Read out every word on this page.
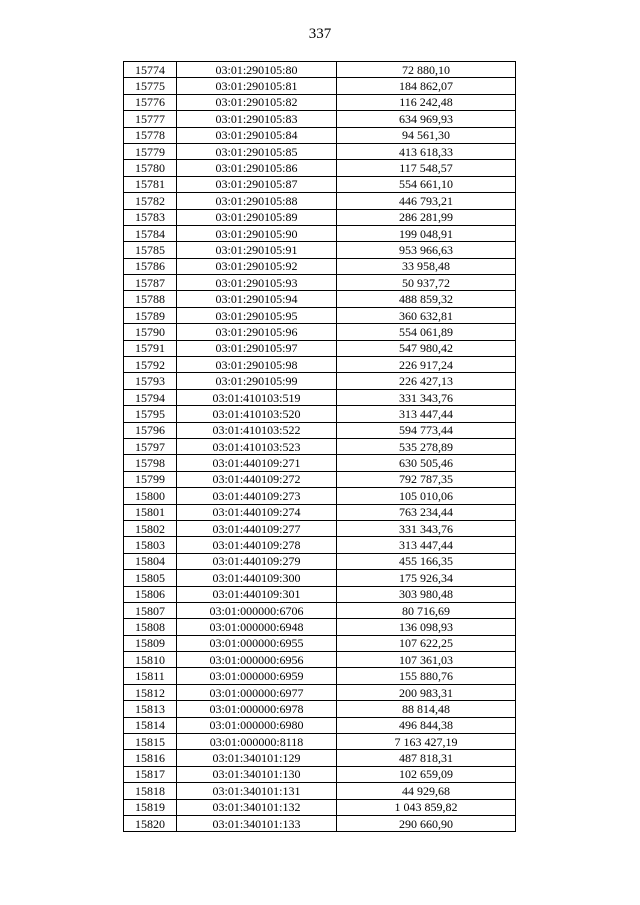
337
15774	03:01:290105:80	72 880,10
15775	03:01:290105:81	184 862,07
15776	03:01:290105:82	116 242,48
15777	03:01:290105:83	634 969,93
15778	03:01:290105:84	94 561,30
15779	03:01:290105:85	413 618,33
15780	03:01:290105:86	117 548,57
15781	03:01:290105:87	554 661,10
15782	03:01:290105:88	446 793,21
15783	03:01:290105:89	286 281,99
15784	03:01:290105:90	199 048,91
15785	03:01:290105:91	953 966,63
15786	03:01:290105:92	33 958,48
15787	03:01:290105:93	50 937,72
15788	03:01:290105:94	488 859,32
15789	03:01:290105:95	360 632,81
15790	03:01:290105:96	554 061,89
15791	03:01:290105:97	547 980,42
15792	03:01:290105:98	226 917,24
15793	03:01:290105:99	226 427,13
15794	03:01:410103:519	331 343,76
15795	03:01:410103:520	313 447,44
15796	03:01:410103:522	594 773,44
15797	03:01:410103:523	535 278,89
15798	03:01:440109:271	630 505,46
15799	03:01:440109:272	792 787,35
15800	03:01:440109:273	105 010,06
15801	03:01:440109:274	763 234,44
15802	03:01:440109:277	331 343,76
15803	03:01:440109:278	313 447,44
15804	03:01:440109:279	455 166,35
15805	03:01:440109:300	175 926,34
15806	03:01:440109:301	303 980,48
15807	03:01:000000:6706	80 716,69
15808	03:01:000000:6948	136 098,93
15809	03:01:000000:6955	107 622,25
15810	03:01:000000:6956	107 361,03
15811	03:01:000000:6959	155 880,76
15812	03:01:000000:6977	200 983,31
15813	03:01:000000:6978	88 814,48
15814	03:01:000000:6980	496 844,38
15815	03:01:000000:8118	7 163 427,19
15816	03:01:340101:129	487 818,31
15817	03:01:340101:130	102 659,09
15818	03:01:340101:131	44 929,68
15819	03:01:340101:132	1 043 859,82
15820	03:01:340101:133	290 660,90
